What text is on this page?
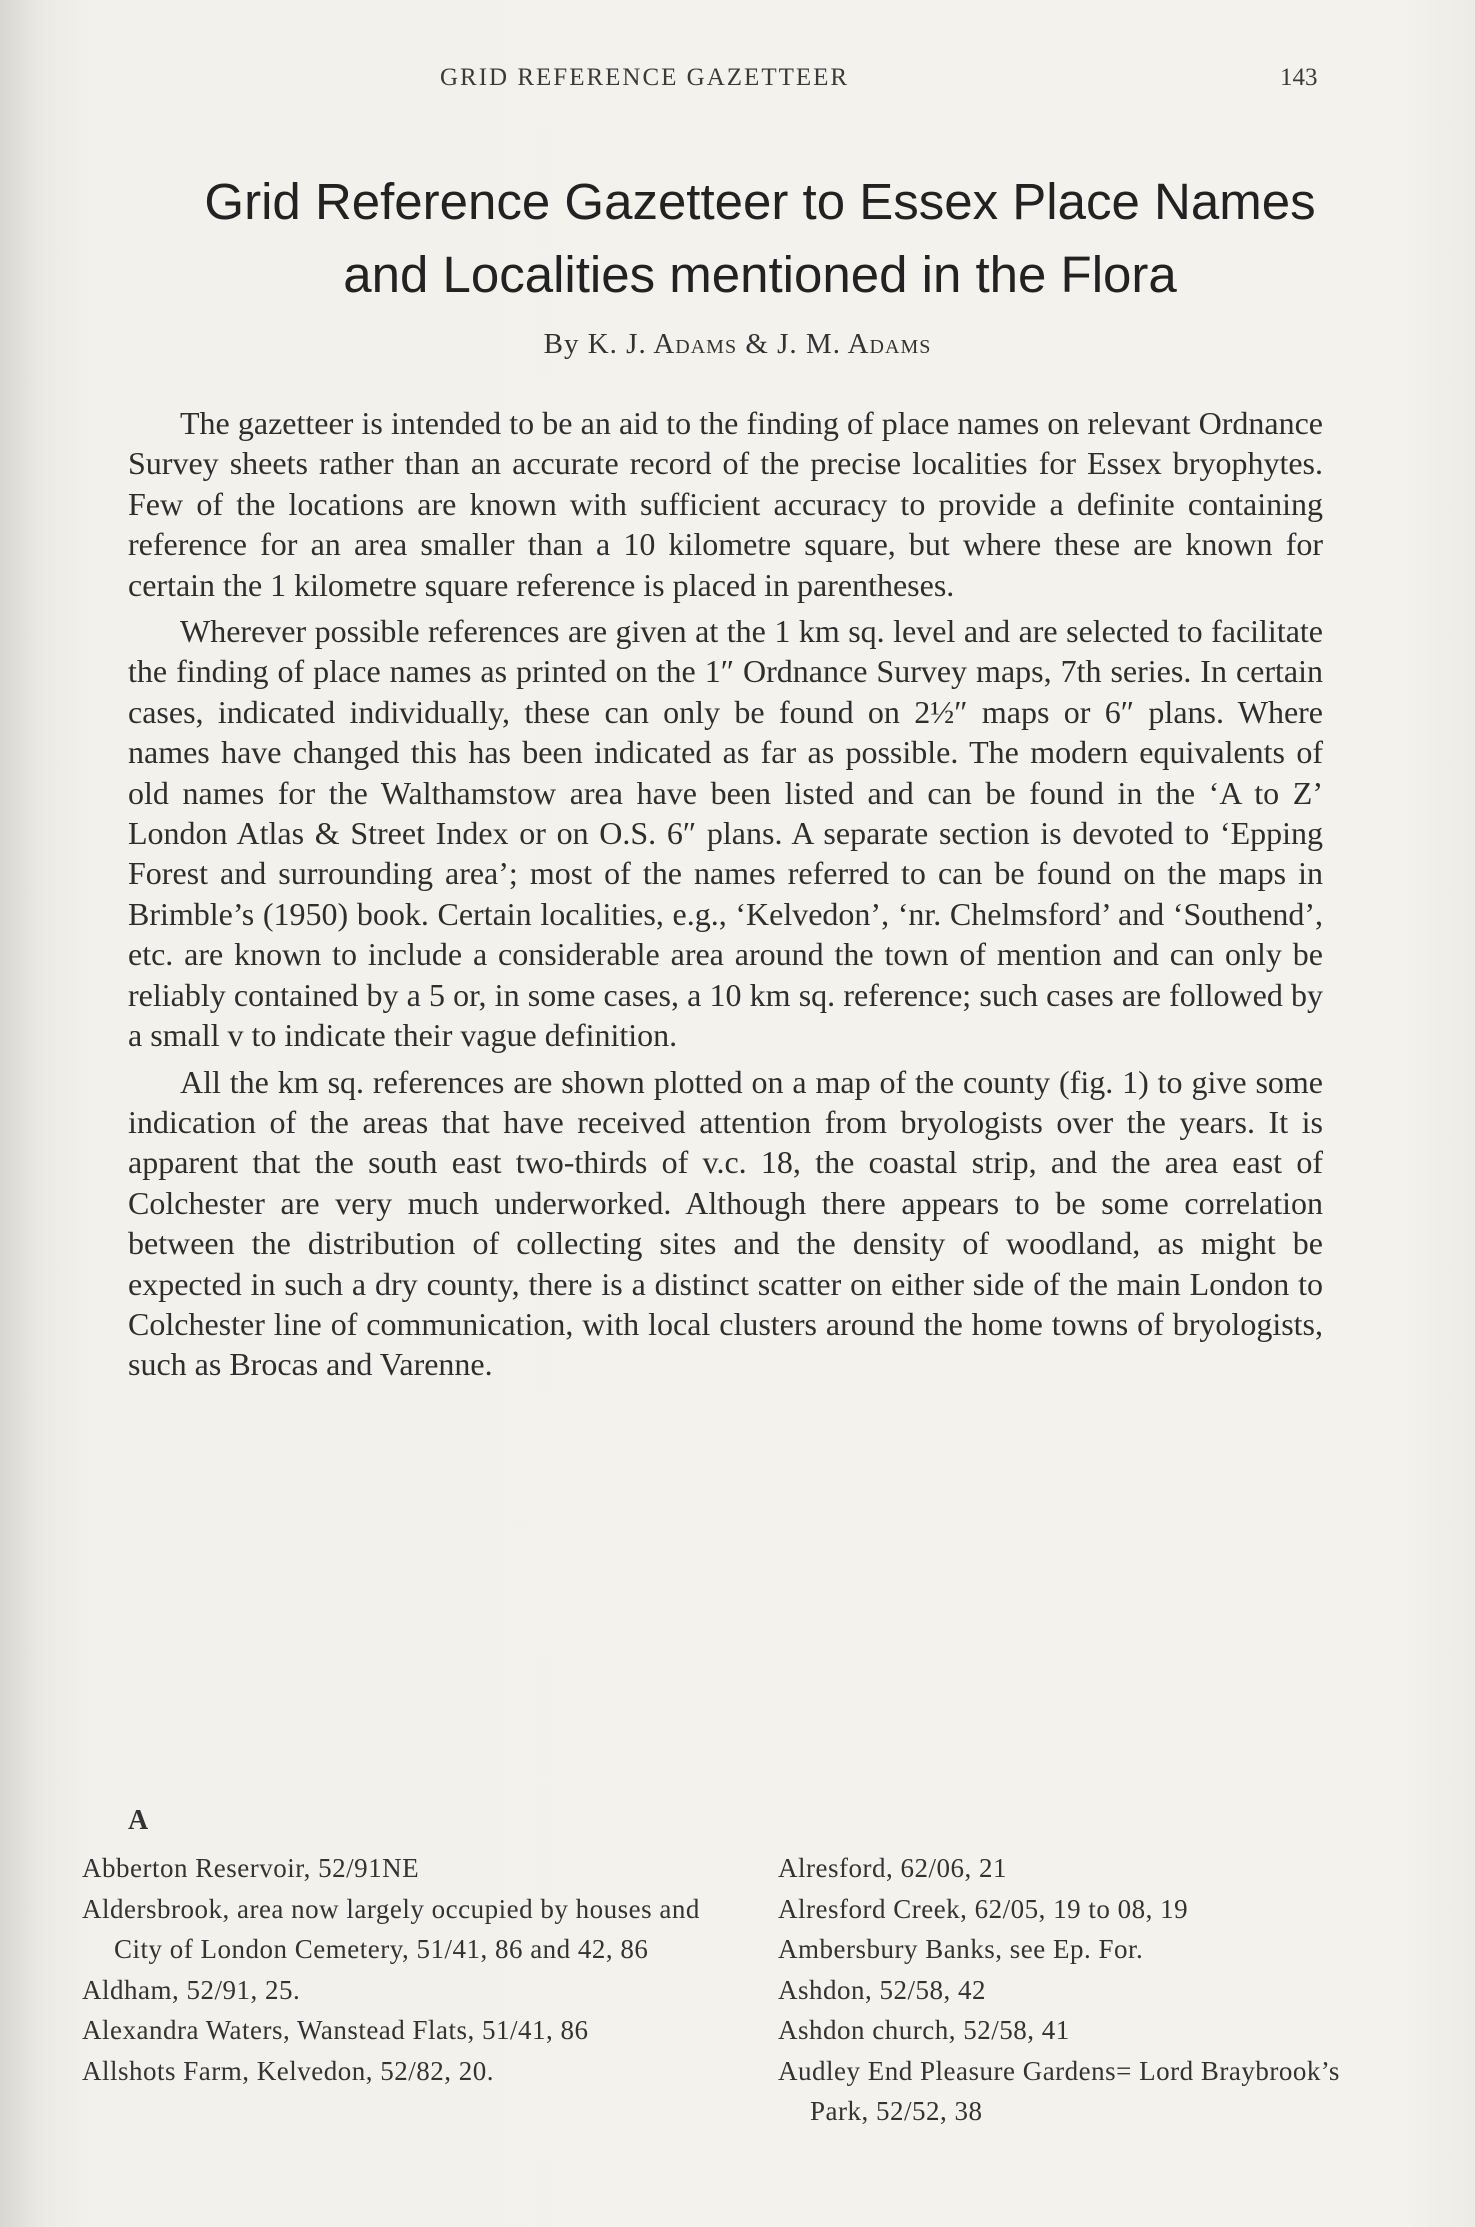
GRID REFERENCE GAZETTEER	143
Grid Reference Gazetteer to Essex Place Names
and Localities mentioned in the Flora
By K. J. Adams & J. M. Adams

The gazetteer is intended to be an aid to the finding of place names on relevant Ordnance Survey sheets rather than an accurate record of the precise localities for Essex bryophytes. Few of the locations are known with sufficient accuracy to provide a definite containing reference for an area smaller than a 10 kilometre square, but where these are known for certain the 1 kilometre square reference is placed in parentheses.

Wherever possible references are given at the 1 km sq. level and are selected to facilitate the finding of place names as printed on the 1″ Ordnance Survey maps, 7th series. In certain cases, indicated individually, these can only be found on 2½″ maps or 6″ plans. Where names have changed this has been indicated as far as possible. The modern equivalents of old names for the Walthamstow area have been listed and can be found in the ‘A to Z’ London Atlas & Street Index or on O.S. 6″ plans. A separate section is devoted to ‘Epping Forest and surrounding area’; most of the names referred to can be found on the maps in Brimble’s (1950) book. Certain localities, e.g., ‘Kelvedon’, ‘nr. Chelmsford’ and ‘Southend’, etc. are known to include a considerable area around the town of mention and can only be reliably contained by a 5 or, in some cases, a 10 km sq. reference; such cases are followed by a small v to indicate their vague definition.

All the km sq. references are shown plotted on a map of the county (fig. 1) to give some indication of the areas that have received attention from bryologists over the years. It is apparent that the south east two-thirds of v.c. 18, the coastal strip, and the area east of Colchester are very much underworked. Although there appears to be some correlation between the distribution of collecting sites and the density of woodland, as might be expected in such a dry county, there is a distinct scatter on either side of the main London to Colchester line of communication, with local clusters around the home towns of bryologists, such as Brocas and Varenne.

A
Abberton Reservoir, 52/91NE
Aldersbrook, area now largely occupied by houses and City of London Cemetery, 51/41, 86 and 42, 86
Aldham, 52/91, 25.
Alexandra Waters, Wanstead Flats, 51/41, 86
Allshots Farm, Kelvedon, 52/82, 20.
Alresford, 62/06, 21
Alresford Creek, 62/05, 19 to 08, 19
Ambersbury Banks, see Ep. For.
Ashdon, 52/58, 42
Ashdon church, 52/58, 41
Audley End Pleasure Gardens= Lord Braybrook’s Park, 52/52, 38
